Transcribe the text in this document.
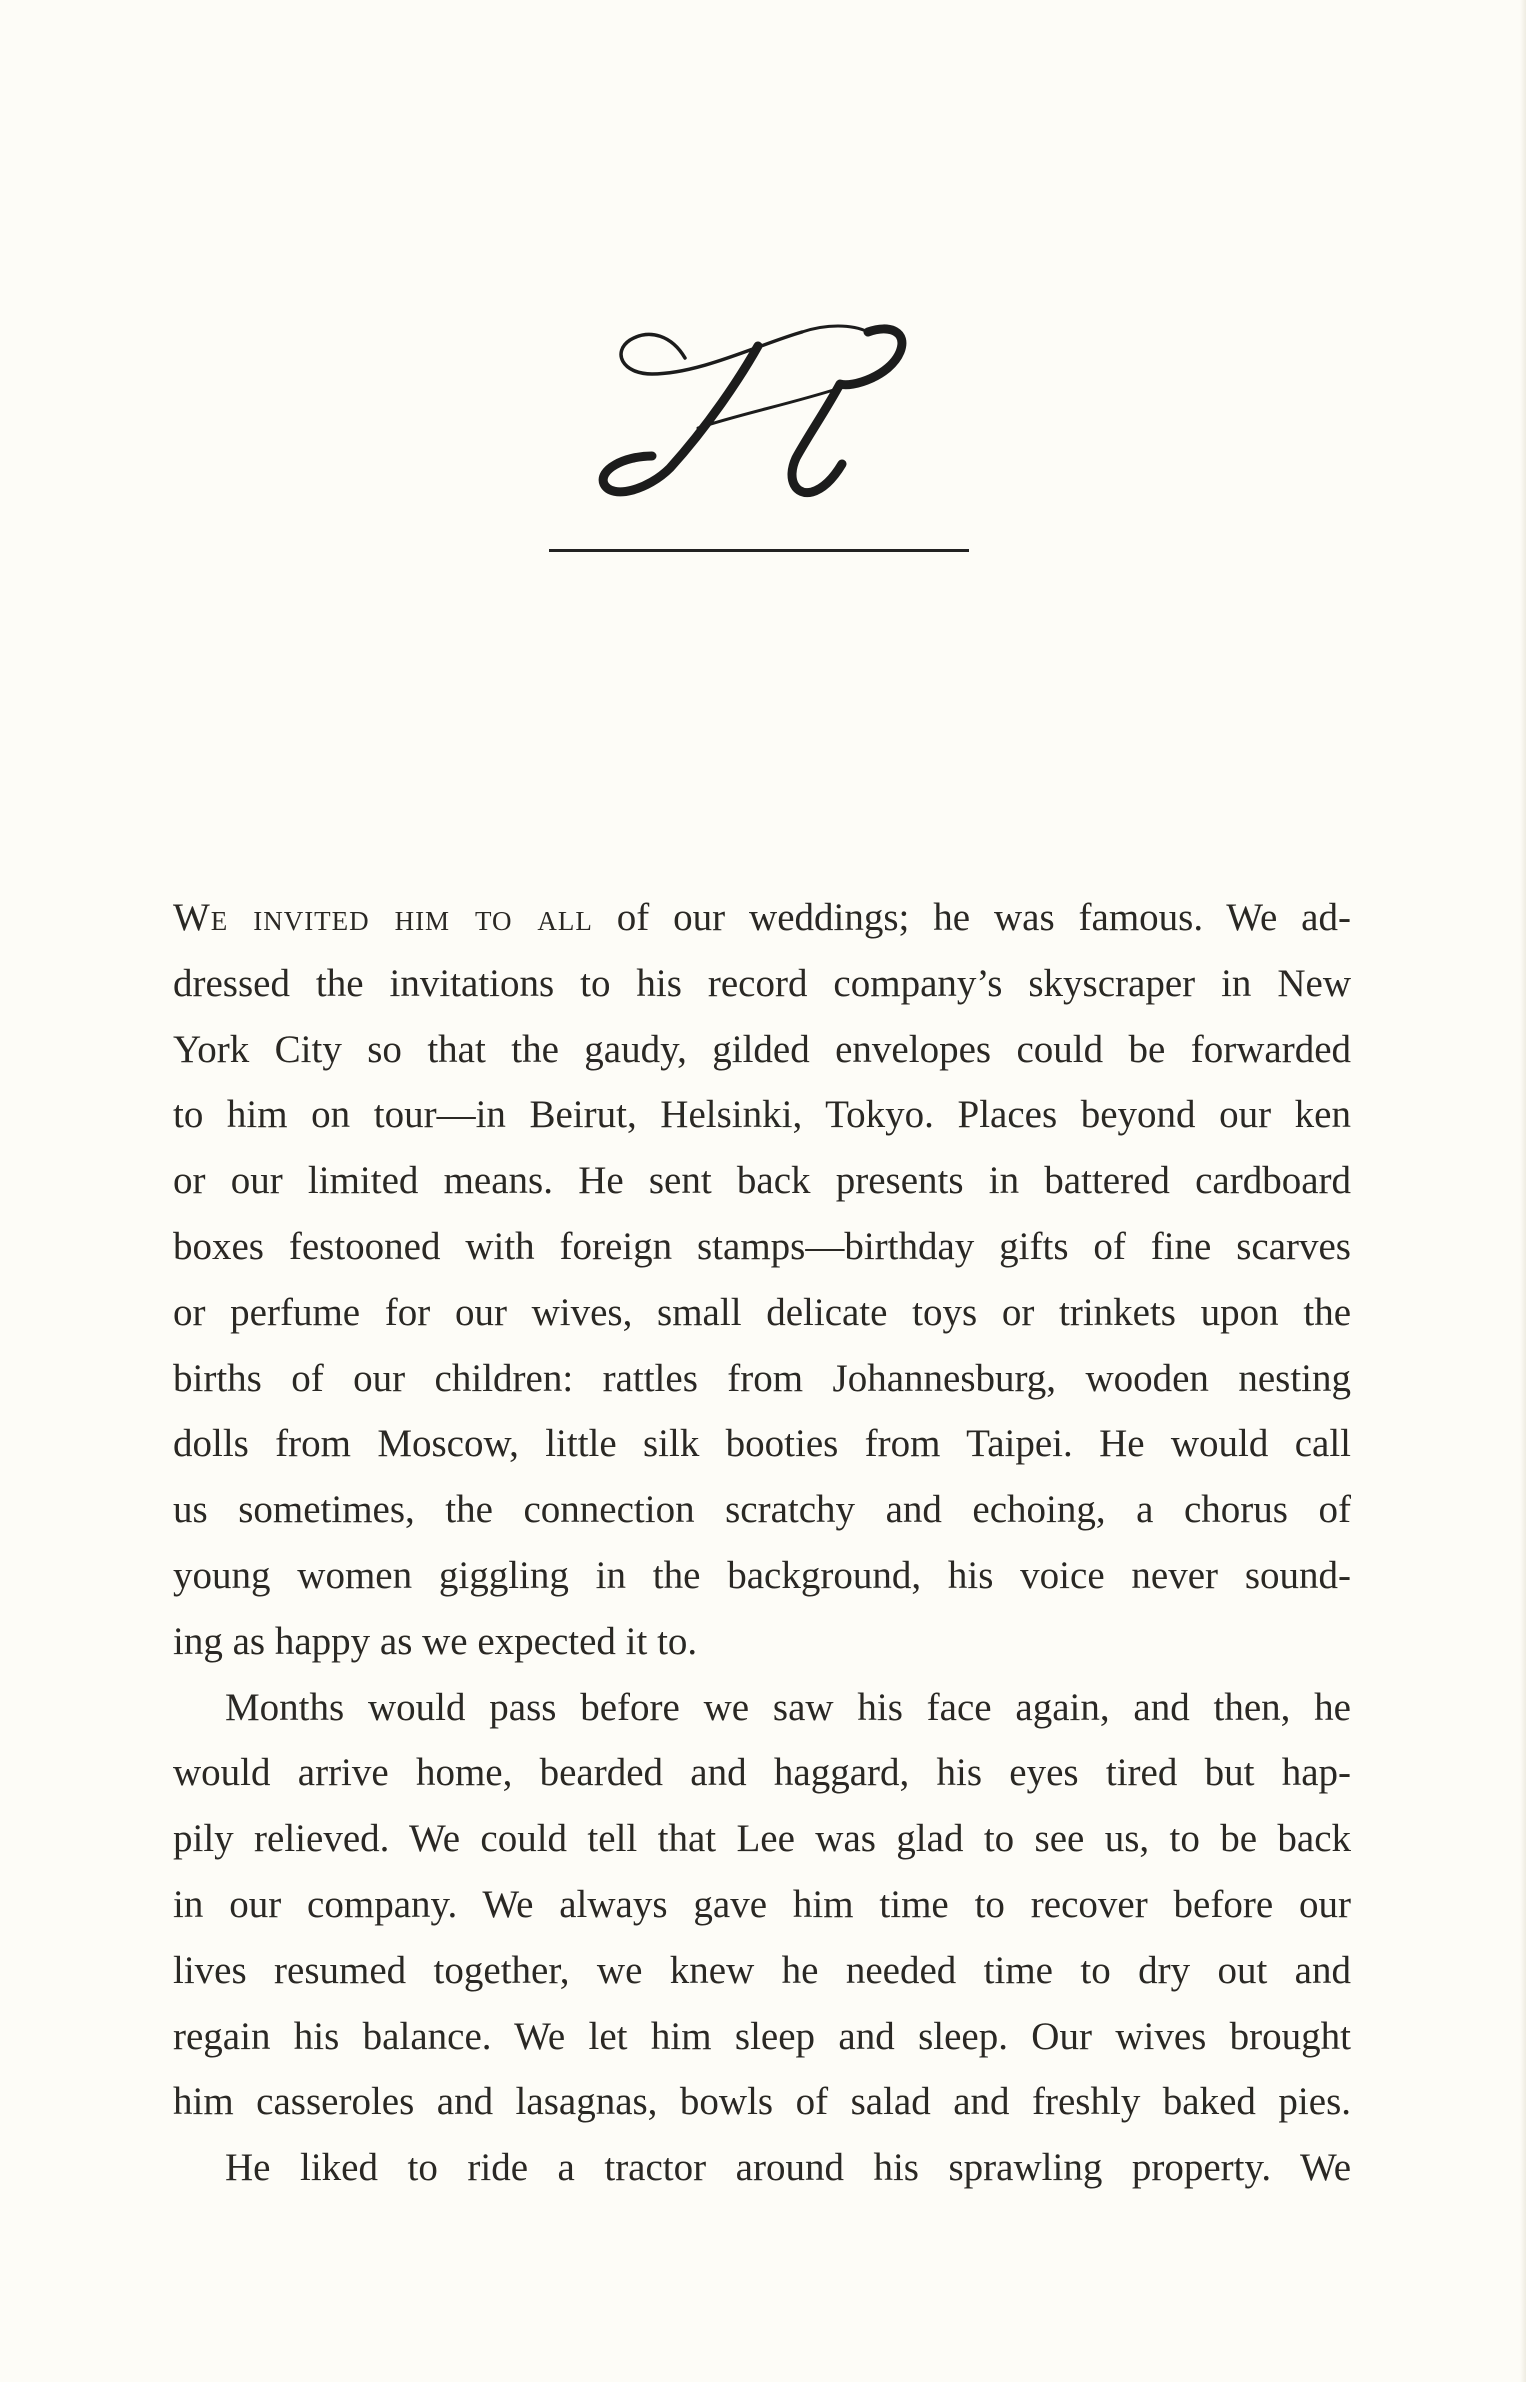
We invited him to all of our weddings; he was famous. We ad-
dressed the invitations to his record company’s skyscraper in New
York City so that the gaudy, gilded envelopes could be forwarded
to him on tour—in Beirut, Helsinki, Tokyo. Places beyond our ken
or our limited means. He sent back presents in battered cardboard
boxes festooned with foreign stamps—birthday gifts of fine scarves
or perfume for our wives, small delicate toys or trinkets upon the
births of our children: rattles from Johannesburg, wooden nesting
dolls from Moscow, little silk booties from Taipei. He would call
us sometimes, the connection scratchy and echoing, a chorus of
young women giggling in the background, his voice never sound-
ing as happy as we expected it to.
Months would pass before we saw his face again, and then, he
would arrive home, bearded and haggard, his eyes tired but hap-
pily relieved. We could tell that Lee was glad to see us, to be back
in our company. We always gave him time to recover before our
lives resumed together, we knew he needed time to dry out and
regain his balance. We let him sleep and sleep. Our wives brought
him casseroles and lasagnas, bowls of salad and freshly baked pies.
He liked to ride a tractor around his sprawling property. We
